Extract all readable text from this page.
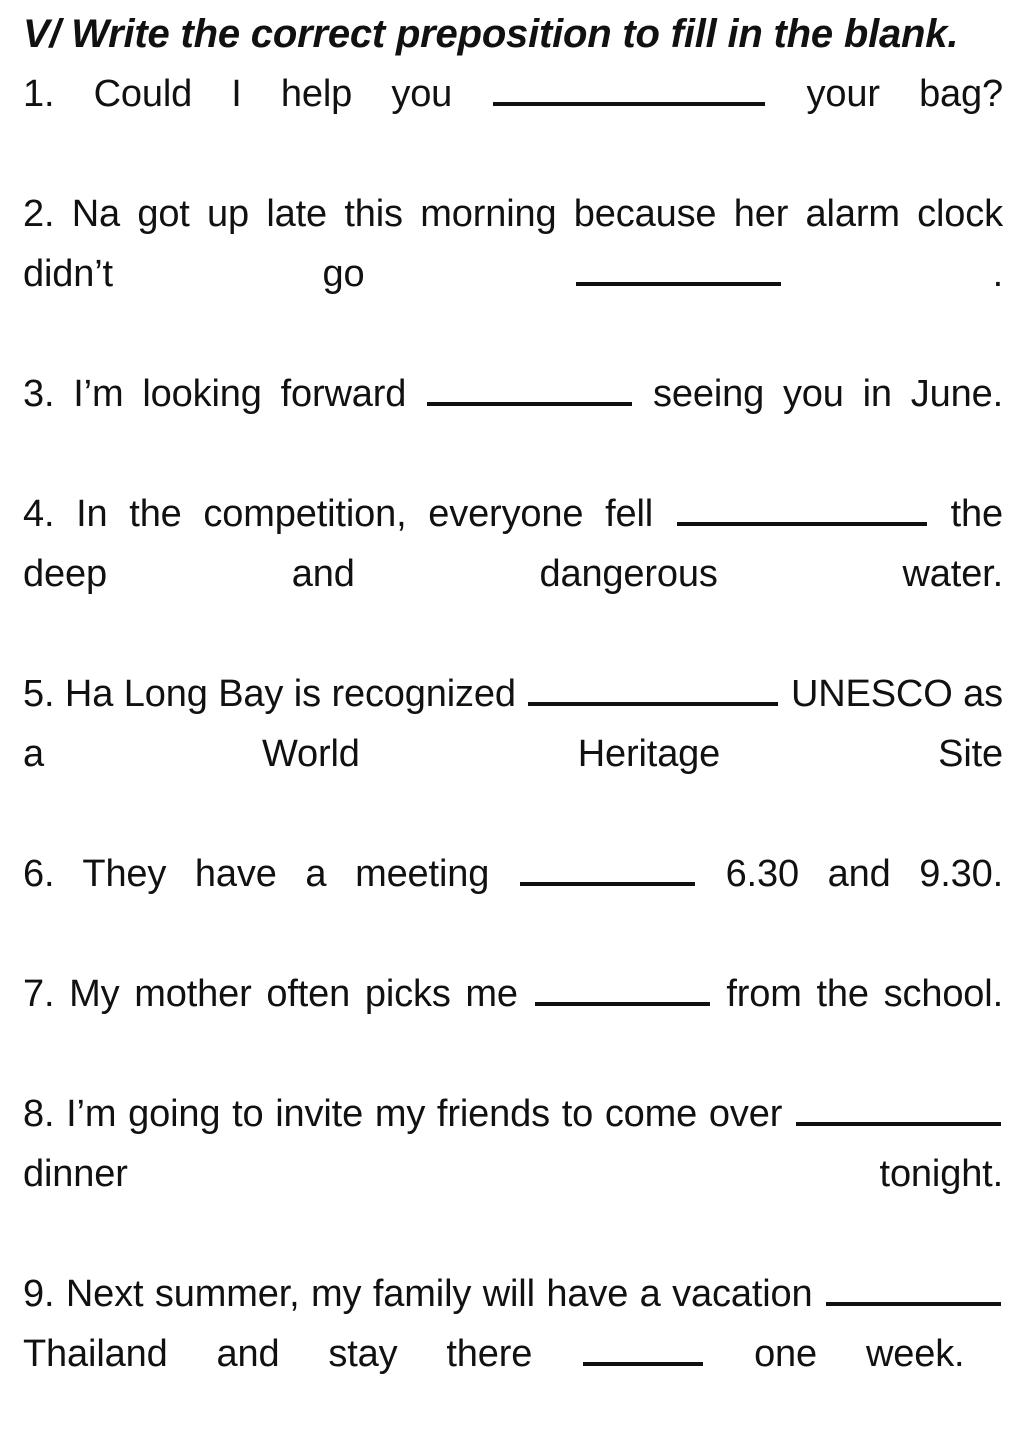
V/ Write the correct preposition to fill in the blank.

1. Could I help you	your bag?

2. Na got up late this morning because her alarm clock didn’t go	.

3. I’m looking forward	seeing you in June.

4. In the competition, everyone fell	the deep and dangerous water.

5. Ha Long Bay is recognized	UNESCO as a World Heritage Site

6. They have a meeting	6.30 and 9.30.

7. My mother often picks me	from the school.

8. I’m going to invite my friends to come over  dinner tonight.

9. Next summer, my family will have a vacation  Thailand and stay there	one week.
